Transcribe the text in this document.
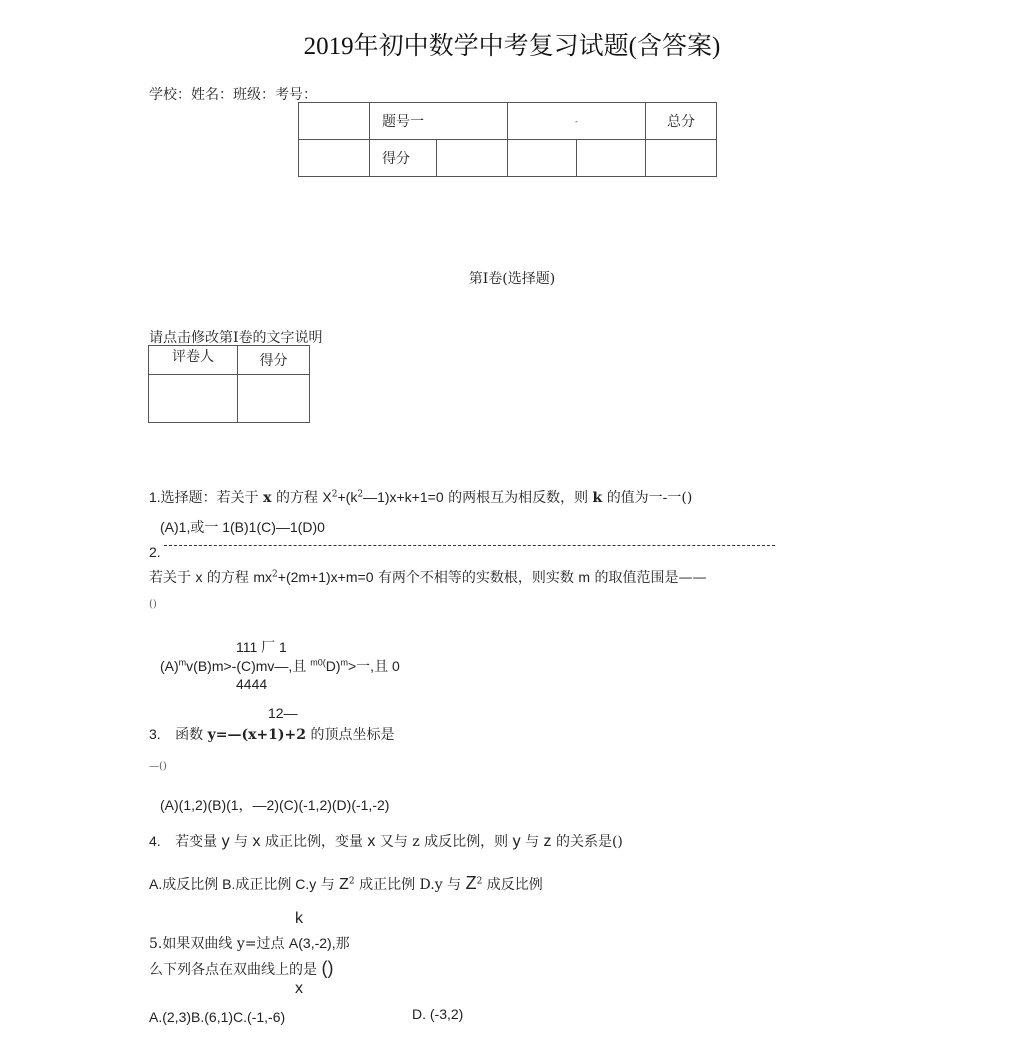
2019年初中数学中考复习试题(含答案)
学校：姓名：班级：考号：
	题号一		-		总分
	得分				
第Ⅰ卷(选择题)
请点击修改第Ⅰ卷的文字说明
评卷人	得分

1.选择题：若关于 x 的方程 $X^2+(k^2—1)x+k+1=0$ 的两根互为相反数，则 k 的值为一-一()
(A)1,或一 1(B)1(C)—1(D)0
2.
若关于 x 的方程 $mx^2+(2m+1)x+m=0$ 有两个不相等的实数根，则实数 m 的取值范围是——
()
111 厂 1
$(A)^mv(B)m>-(C)mv—$,且 $^{m0(}$D)$^m$>一,且 0
4444
12—
3. 函数 y=—(x+1)+2 的顶点坐标是
—()
(A)(1,2)(B)(1，—2)(C)(-1,2)(D)(-1,-2)
4. 若变量 y 与 x 成正比例，变量 x 又与 z 成反比例，则 y 与 z 的关系是()
A.成反比例 B.成正比例 C.y 与 $Z^2$ 成正比例 D.y 与 $Z^2$ 成反比例
k
5.如果双曲线 y=过点 A(3,-2),那
么下列各点在双曲线上的是 ()
x
A.(2,3)B.(6,1)C.(-1,-6)	D. (-3,2)
